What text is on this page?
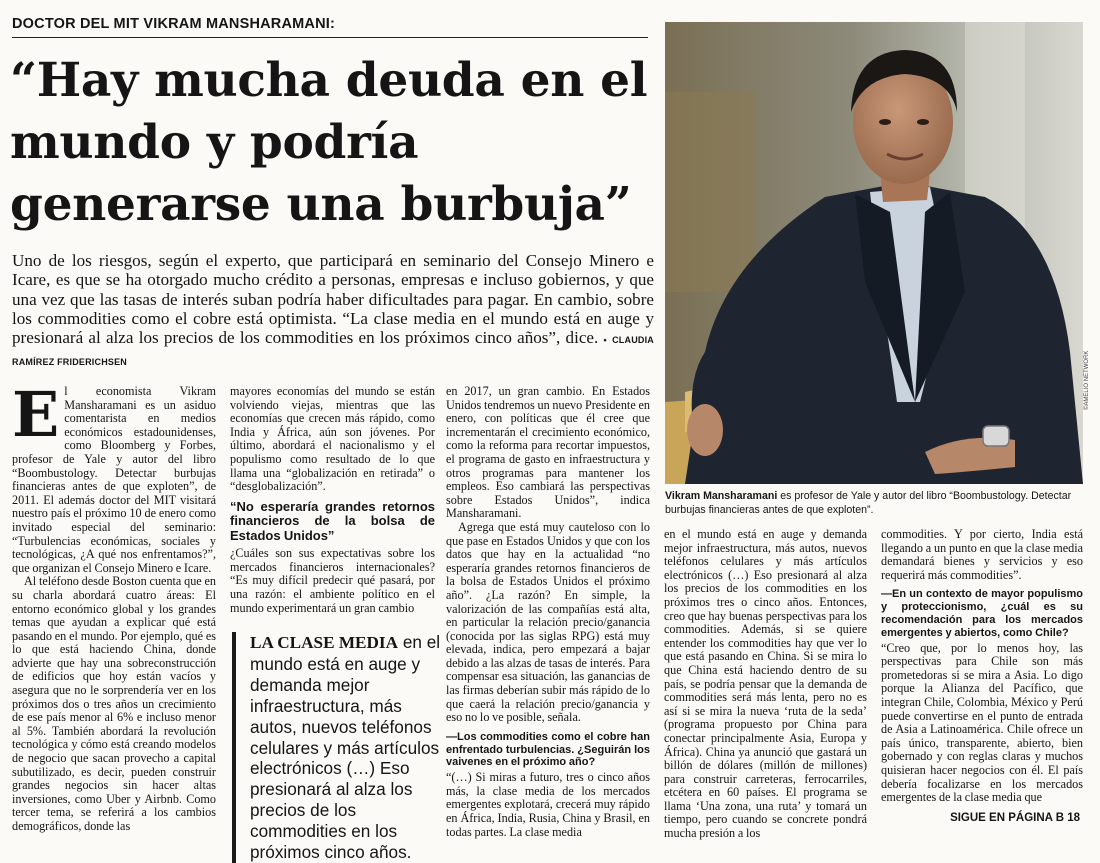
DOCTOR DEL MIT VIKRAM MANSHARAMANI:
“Hay mucha deuda en el mundo y podría generarse una burbuja”
Uno de los riesgos, según el experto, que participará en seminario del Consejo Minero e Icare, es que se ha otorgado mucho crédito a personas, empresas e incluso gobiernos, y que una vez que las tasas de interés suban podría haber dificultades para pagar. En cambio, sobre los commodities como el cobre está optimista. “La clase media en el mundo está en auge y presionará al alza los precios de los commodities en los próximos cinco años”, dice. • CLAUDIA RAMÍREZ FRIDERICHSEN	©AMELIO NETWORK
Vikram Mansharamani es profesor de Yale y autor del libro “Boombustology. Detectar burbujas financieras antes de que exploten”.

El economista Vikram Mansharamani es un asiduo comentarista en medios económicos estadounidenses, como Bloomberg y Forbes, profesor de Yale y autor del libro “Boombustology. Detectar burbujas financieras antes de que exploten”, de 2011. El además doctor del MIT visitará nuestro país el próximo 10 de enero como invitado especial del seminario: “Turbulencias económicas, sociales y tecnológicas, ¿A qué nos enfrentamos?”, que organizan el Consejo Minero e Icare.

Al teléfono desde Boston cuenta que en su charla abordará cuatro áreas: El entorno económico global y los grandes temas que ayudan a explicar qué está pasando en el mundo. Por ejemplo, qué es lo que está haciendo China, donde advierte que hay una sobreconstrucción de edificios que hoy están vacíos y asegura que no le sorprendería ver en los próximos dos o tres años un crecimiento de ese país menor al 6% e incluso menor al 5%. También abordará la revolución tecnológica y cómo está creando modelos de negocio que sacan provecho a capital subutilizado, es decir, pueden construir grandes negocios sin hacer altas inversiones, como Uber y Airbnb. Como tercer tema, se referirá a los cambios demográficos, donde las

mayores economías del mundo se están volviendo viejas, mientras que las economías que crecen más rápido, como India y África, aún son jóvenes. Por último, abordará el nacionalismo y el populismo como resultado de lo que llama una “globalización en retirada” o “desglobalización”.

“No esperaría grandes retornos financieros de la bolsa de Estados Unidos”

¿Cuáles son sus expectativas sobre los mercados financieros internacionales? “Es muy difícil predecir qué pasará, por una razón: el ambiente político en el mundo experimentará un gran cambio

LA CLASE MEDIA en el mundo está en auge y demanda mejor infraestructura, más autos, nuevos teléfonos celulares y más artículos electrónicos (…) Eso presionará al alza los precios de los commodities en los próximos cinco años.

en 2017, un gran cambio. En Estados Unidos tendremos un nuevo Presidente en enero, con políticas que él cree que incrementarán el crecimiento económico, como la reforma para recortar impuestos, el programa de gasto en infraestructura y otros programas para mantener los empleos. Eso cambiará las perspectivas sobre Estados Unidos”, indica Mansharamani.

Agrega que está muy cauteloso con lo que pase en Estados Unidos y que con los datos que hay en la actualidad “no esperaría grandes retornos financieros de la bolsa de Estados Unidos el próximo año”. ¿La razón? En simple, la valorización de las compañías está alta, en particular la relación precio/ganancia (conocida por las siglas RPG) está muy elevada, indica, pero empezará a bajar debido a las alzas de tasas de interés. Para compensar esa situación, las ganancias de las firmas deberían subir más rápido de lo que caerá la relación precio/ganancia y eso no lo ve posible, señala.

—Los commodities como el cobre han enfrentado turbulencias. ¿Seguirán los vaivenes en el próximo año?

“(…) Si miras a futuro, tres o cinco años más, la clase media de los mercados emergentes explotará, crecerá muy rápido en África, India, Rusia, China y Brasil, en todas partes. La clase media

en el mundo está en auge y demanda mejor infraestructura, más autos, nuevos teléfonos celulares y más artículos electrónicos (…) Eso presionará al alza los precios de los commodities en los próximos tres o cinco años. Entonces, creo que hay buenas perspectivas para los commodities. Además, si se quiere entender los commodities hay que ver lo que está pasando en China. Si se mira lo que China está haciendo dentro de su país, se podría pensar que la demanda de commodities será más lenta, pero no es así si se mira la nueva ‘ruta de la seda’ (programa propuesto por China para conectar principalmente Asia, Europa y África). China ya anunció que gastará un billón de dólares (millón de millones) para construir carreteras, ferrocarriles, etcétera en 60 países. El programa se llama ‘Una zona, una ruta’ y tomará un tiempo, pero cuando se concrete pondrá mucha presión a los

commodities. Y por cierto, India está llegando a un punto en que la clase media demandará bienes y servicios y eso requerirá más commodities”.

—En un contexto de mayor populismo y proteccionismo, ¿cuál es su recomendación para los mercados emergentes y abiertos, como Chile?

“Creo que, por lo menos hoy, las perspectivas para Chile son más prometedoras si se mira a Asia. Lo digo porque la Alianza del Pacífico, que integran Chile, Colombia, México y Perú puede convertirse en el punto de entrada de Asia a Latinoamérica. Chile ofrece un país único, transparente, abierto, bien gobernado y con reglas claras y muchos quisieran hacer negocios con él. El país debería focalizarse en los mercados emergentes de la clase media que

SIGUE EN PÁGINA B 18
